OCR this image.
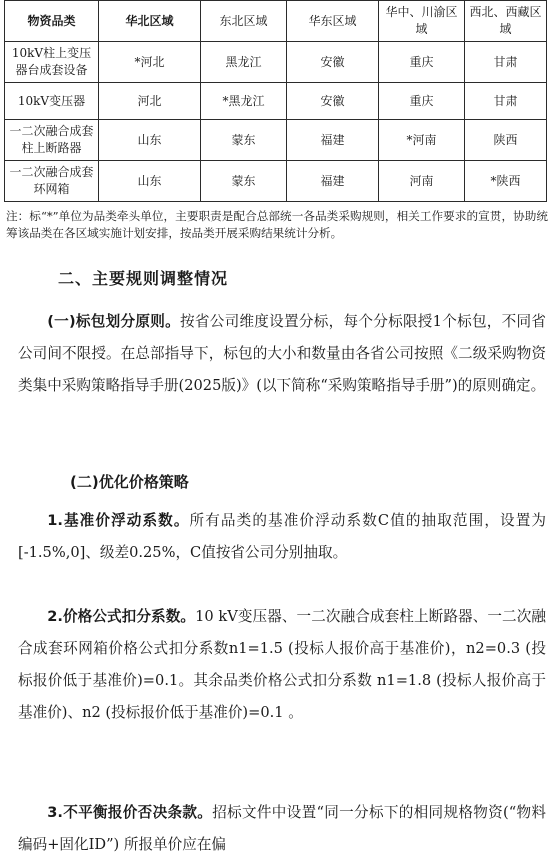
物资品类	华北区域	东北区域	华东区域	华中、川渝区域	西北、西藏区域
10kV柱上变压器台成套设备	*河北	黑龙江	安徽	重庆	甘肃
10kV变压器	河北	*黑龙江	安徽	重庆	甘肃
一二次融合成套柱上断路器	山东	蒙东	福建	*河南	陕西
一二次融合成套环网箱	山东	蒙东	福建	河南	*陕西
注：标“*”单位为品类牵头单位，主要职责是配合总部统一各品类采购规则，相关工作要求的宣贯，协助统筹该品类在各区域实施计划安排，按品类开展采购结果统计分析。
二、主要规则调整情况

(一)标包划分原则。按省公司维度设置分标，每个分标限授1个标包，不同省公司间不限授。在总部指导下，标包的大小和数量由各省公司按照《二级采购物资类集中采购策略指导手册(2025版)》(以下简称“采购策略指导手册”)的原则确定。

(二)优化价格策略

1.基准价浮动系数。所有品类的基准价浮动系数C值的抽取范围，设置为[-1.5%,0]、级差0.25%，C值按省公司分别抽取。

2.价格公式扣分系数。10 kV变压器、一二次融合成套柱上断路器、一二次融合成套环网箱价格公式扣分系数n1=1.5 (投标人报价高于基准价)，n2=0.3 (投标报价低于基准价)=0.1。其余品类价格公式扣分系数 n1=1.8 (投标人报价高于基准价)、n2 (投标报价低于基准价)=0.1 。

3.不平衡报价否决条款。招标文件中设置“同一分标下的相同规格物资(“物料编码+固化ID”) 所报单价应在偏
